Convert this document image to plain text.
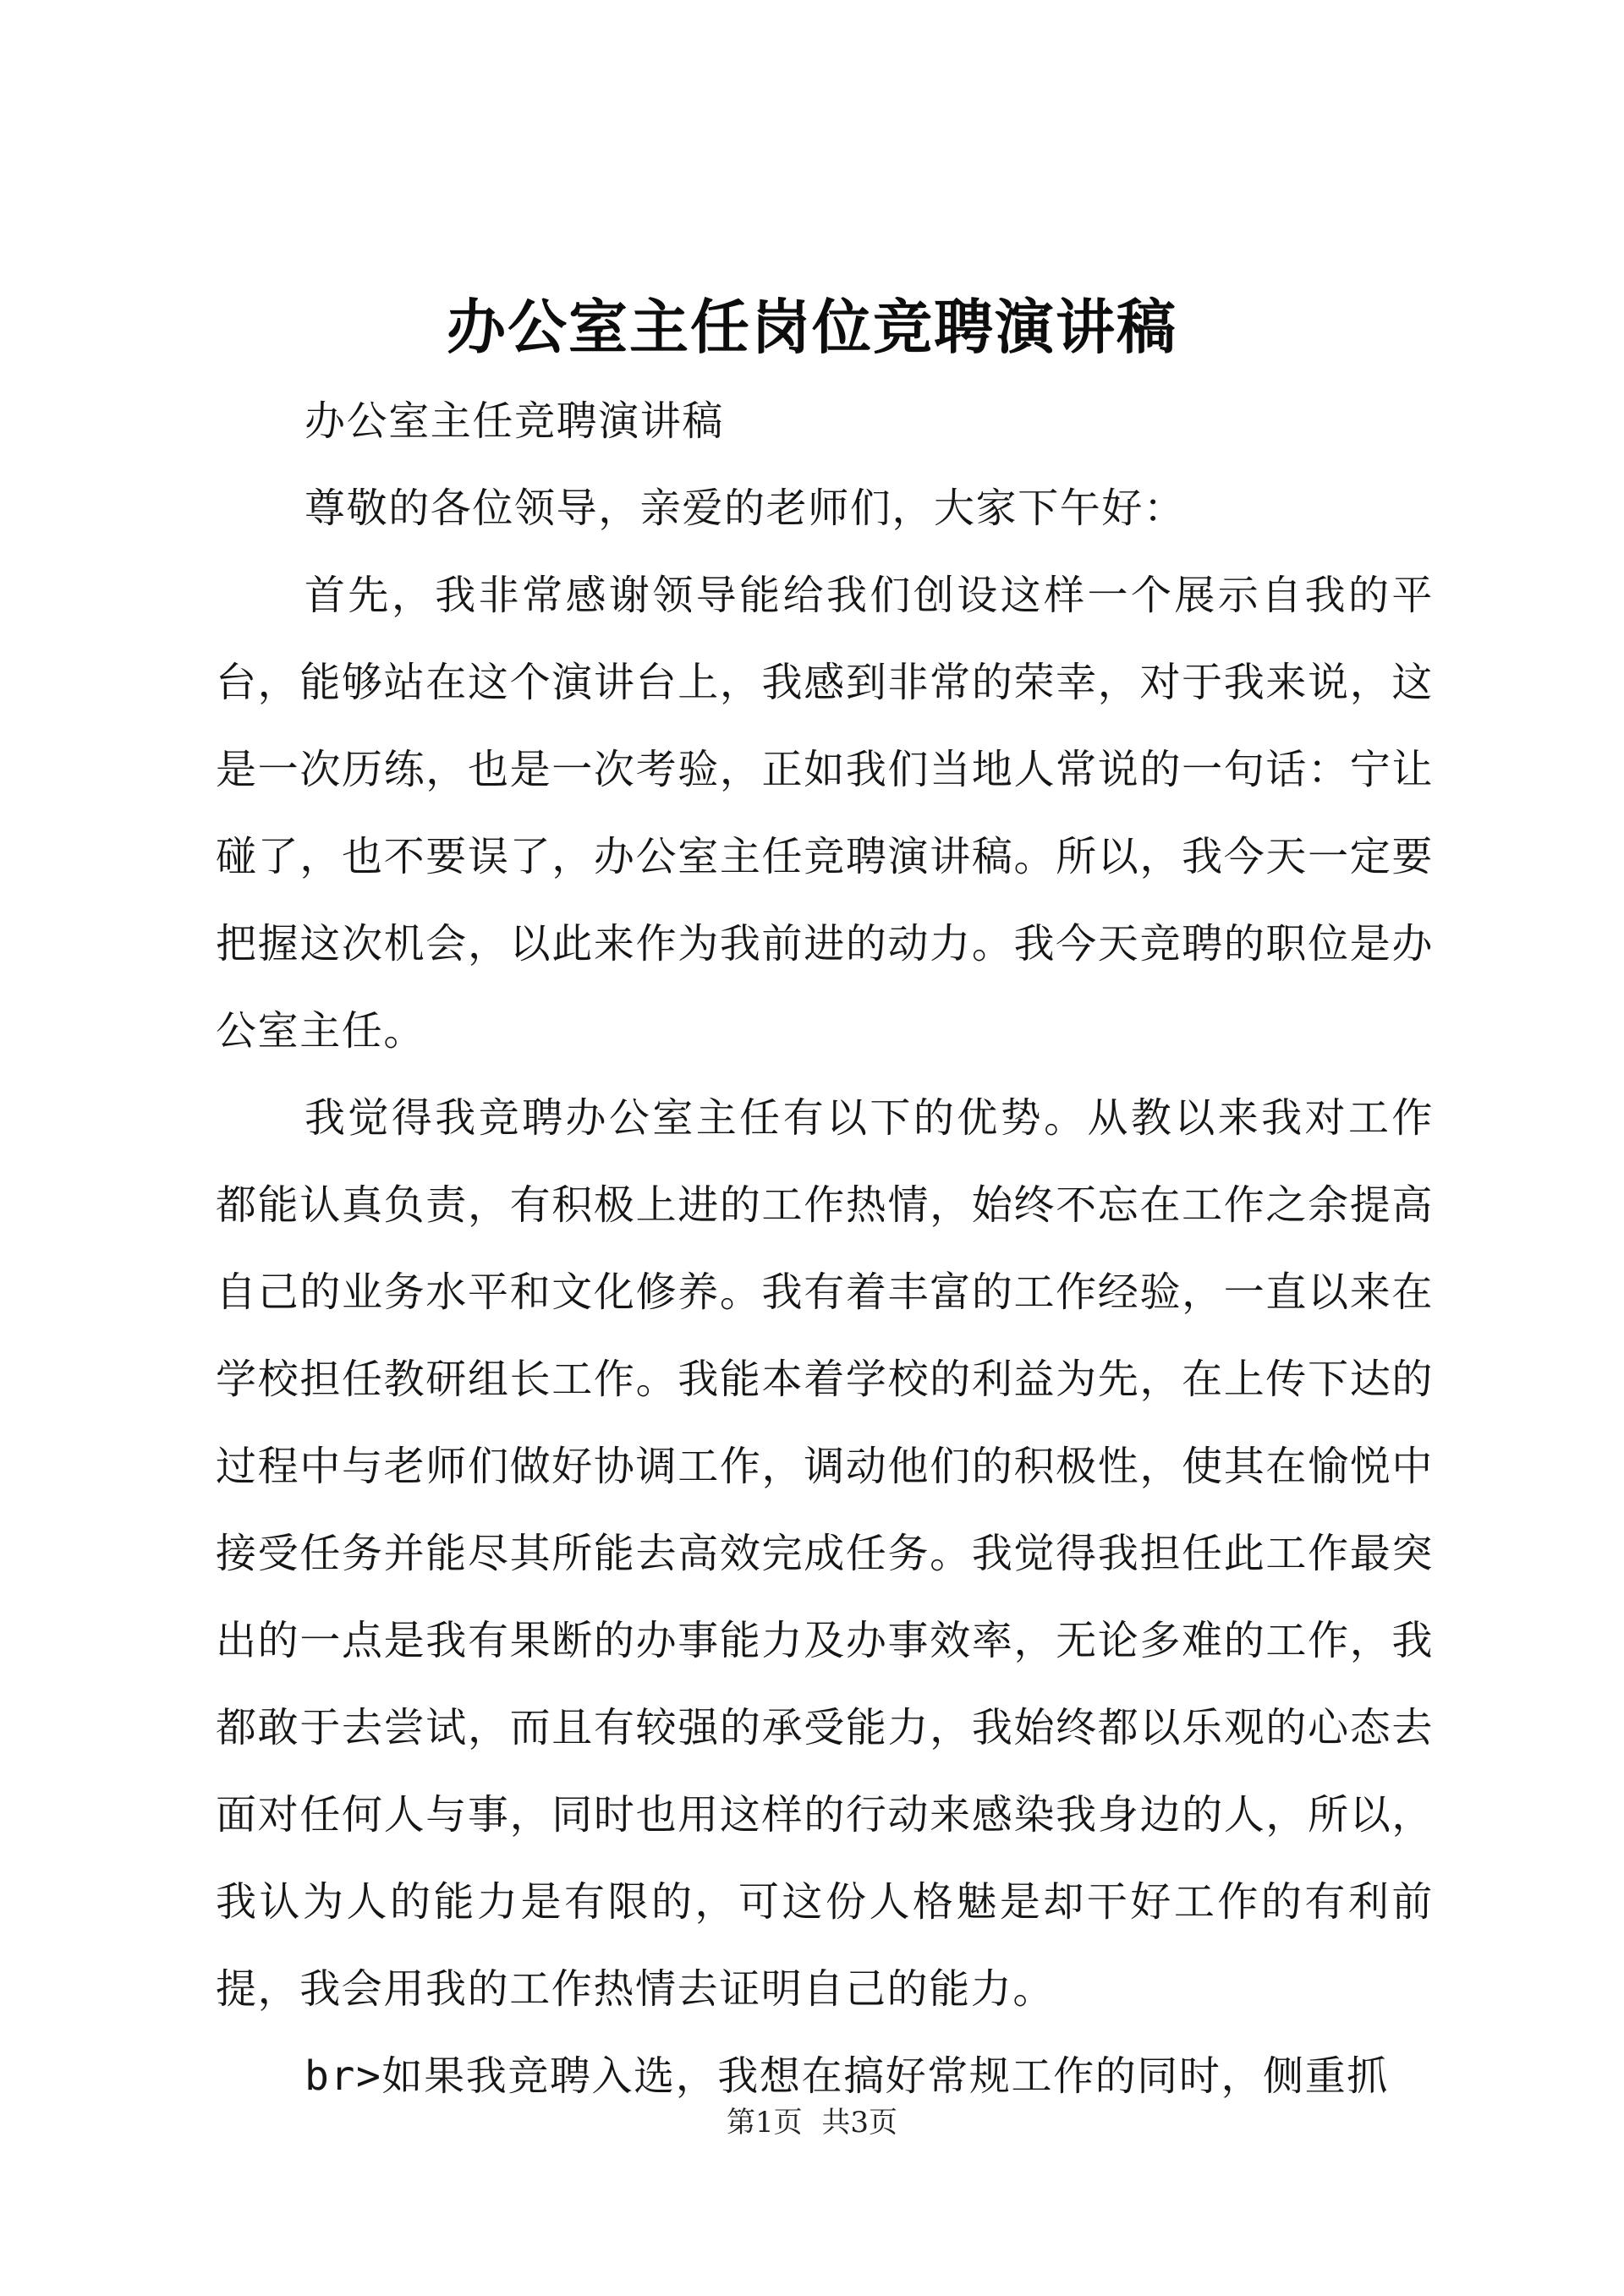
办公室主任岗位竞聘演讲稿

办公室主任竞聘演讲稿

尊敬的各位领导，亲爱的老师们，大家下午好：

首先，我非常感谢领导能给我们创设这样一个展示自我的平台，能够站在这个演讲台上，我感到非常的荣幸，对于我来说，这是一次历练，也是一次考验，正如我们当地人常说的一句话：宁让碰了，也不要误了，办公室主任竞聘演讲稿。所以，我今天一定要把握这次机会，以此来作为我前进的动力。我今天竞聘的职位是办公室主任。

我觉得我竞聘办公室主任有以下的优势。从教以来我对工作都能认真负责，有积极上进的工作热情，始终不忘在工作之余提高自己的业务水平和文化修养。我有着丰富的工作经验，一直以来在学校担任教研组长工作。我能本着学校的利益为先，在上传下达的过程中与老师们做好协调工作，调动他们的积极性，使其在愉悦中接受任务并能尽其所能去高效完成任务。我觉得我担任此工作最突出的一点是我有果断的办事能力及办事效率，无论多难的工作，我都敢于去尝试，而且有较强的承受能力，我始终都以乐观的心态去面对任何人与事，同时也用这样的行动来感染我身边的人，所以，我认为人的能力是有限的，可这份人格魅是却干好工作的有利前提，我会用我的工作热情去证明自己的能力。

br>如果我竞聘入选，我想在搞好常规工作的同时，侧重抓

第1页 共3页
